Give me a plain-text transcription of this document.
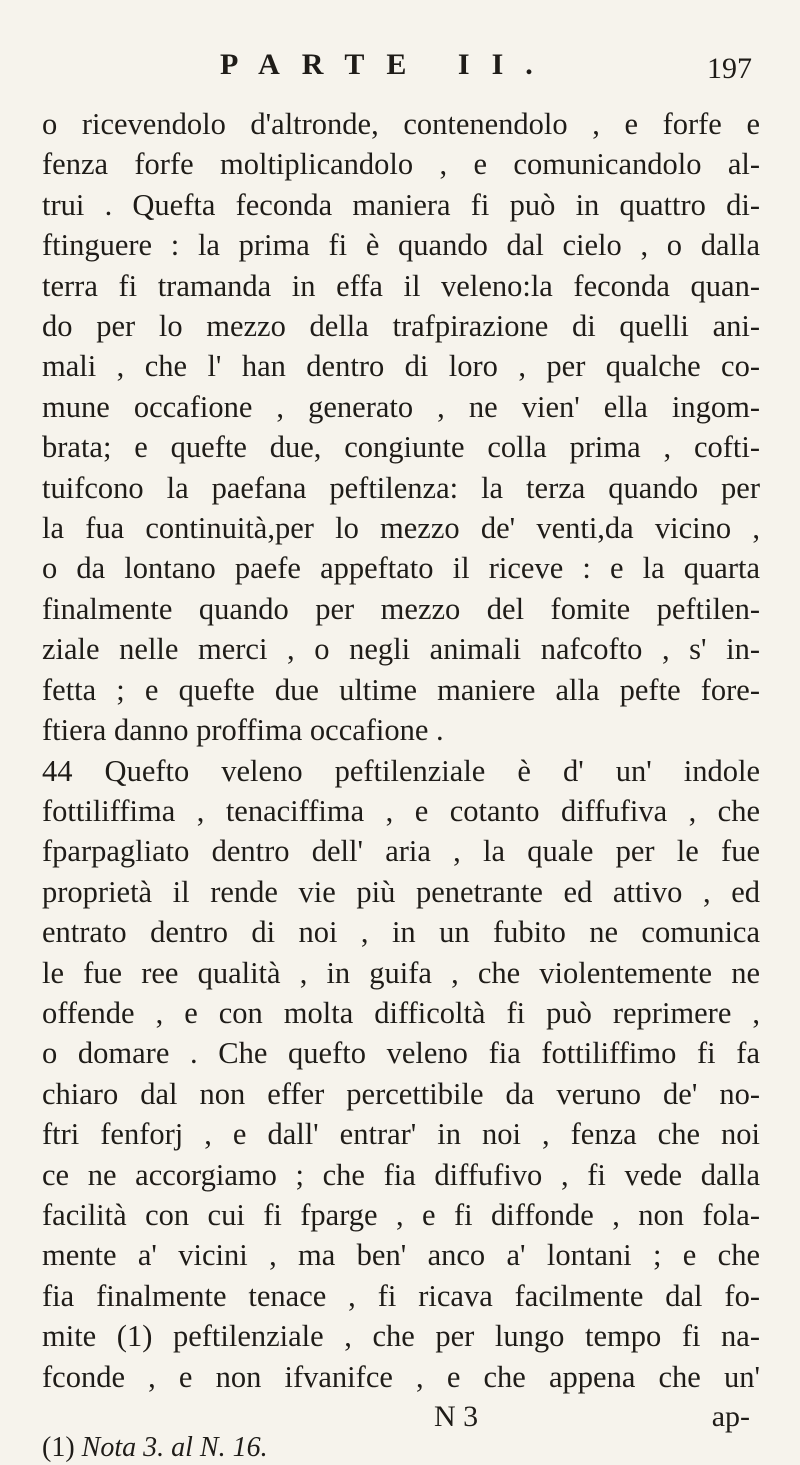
PARTE II.	197
o ricevendolo d'altronde, contenendolo , e forfe e
fenza forfe moltiplicandolo , e comunicandolo al-
trui . Quefta feconda maniera fi può in quattro di-
ftinguere : la prima fi è quando dal cielo , o dalla
terra fi tramanda in effa il veleno:la feconda quan-
do per lo mezzo della trafpirazione di quelli ani-
mali , che l' han dentro di loro , per qualche co-
mune occafione , generato , ne vien' ella ingom-
brata; e quefte due, congiunte colla prima , cofti-
tuifcono la paefana peftilenza: la terza quando per
la fua continuità,per lo mezzo de' venti,da vicino ,
o da lontano paefe appeftato il riceve : e la quarta
finalmente quando per mezzo del fomite peftilen-
ziale nelle merci , o negli animali nafcofto , s' in-
fetta ; e quefte due ultime maniere alla pefte fore-
ftiera danno proffima occafione .
44 Quefto veleno peftilenziale è d' un' indole
fottiliffima , tenaciffima , e cotanto diffufiva , che
fparpagliato dentro dell' aria , la quale per le fue
proprietà il rende vie più penetrante ed attivo , ed
entrato dentro di noi , in un fubito ne comunica
le fue ree qualità , in guifa , che violentemente ne
offende , e con molta difficoltà fi può reprimere ,
o domare . Che quefto veleno fia fottiliffimo fi fa
chiaro dal non effer percettibile da veruno de' no-
ftri fenforj , e dall' entrar' in noi , fenza che noi
ce ne accorgiamo ; che fia diffufivo , fi vede dalla
facilità con cui fi fparge , e fi diffonde , non fola-
mente a' vicini , ma ben' anco a' lontani ; e che
fia finalmente tenace , fi ricava facilmente dal fo-
mite (1) peftilenziale , che per lungo tempo fi na-
fconde , e non ifvanifce , e che appena che un'
N 3	ap-
(1) Nota 3. al N. 16.
